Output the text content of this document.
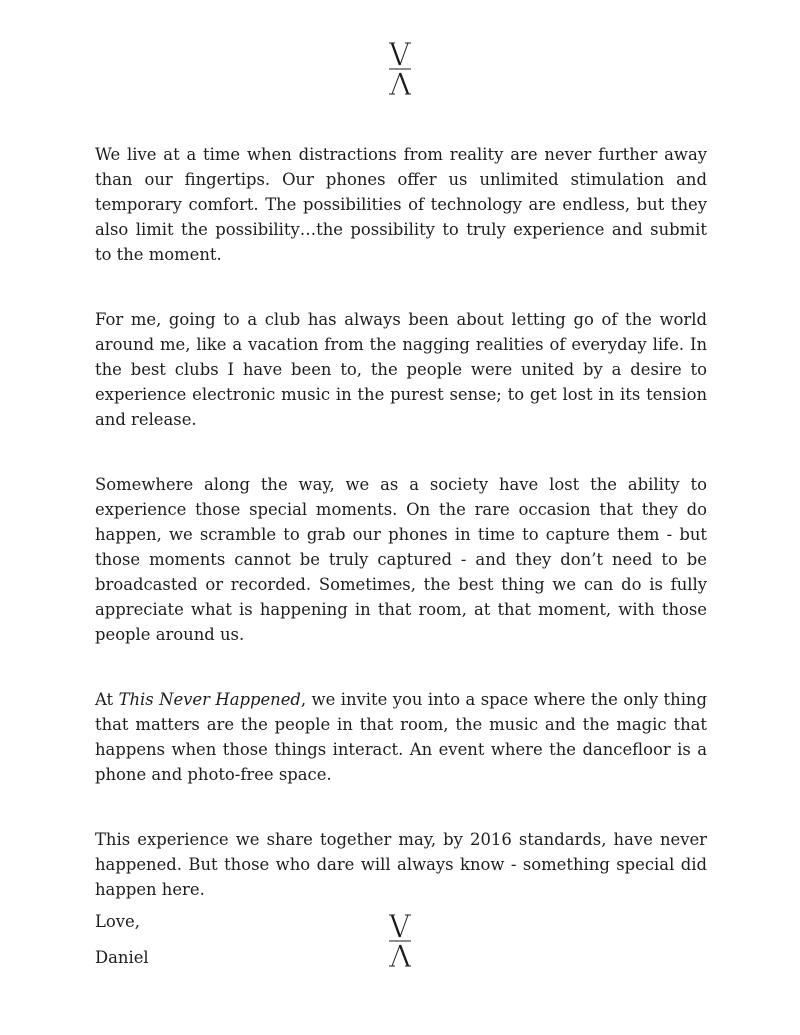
We live at a time when distractions from reality are never further away than our fingertips. Our phones offer us unlimited stimulation and temporary comfort. The possibilities of technology are endless, but they also limit the possibility…the possibility to truly experience and submit to the moment.

For me, going to a club has always been about letting go of the world around me, like a vacation from the nagging realities of everyday life. In the best clubs I have been to, the people were united by a desire to experience electronic music in the purest sense; to get lost in its tension and release.

Somewhere along the way, we as a society have lost the ability to experience those special moments. On the rare occasion that they do happen, we scramble to grab our phones in time to capture them - but those moments cannot be truly captured - and they don’t need to be broadcasted or recorded. Sometimes, the best thing we can do is fully appreciate what is happening in that room, at that moment, with those people around us.

At This Never Happened, we invite you into a space where the only thing that matters are the people in that room, the music and the magic that happens when those things interact. An event where the dancefloor is a phone and photo-free space.

This experience we share together may, by 2016 standards, have never happened. But those who dare will always know - something special did happen here.

Love,

Daniel
